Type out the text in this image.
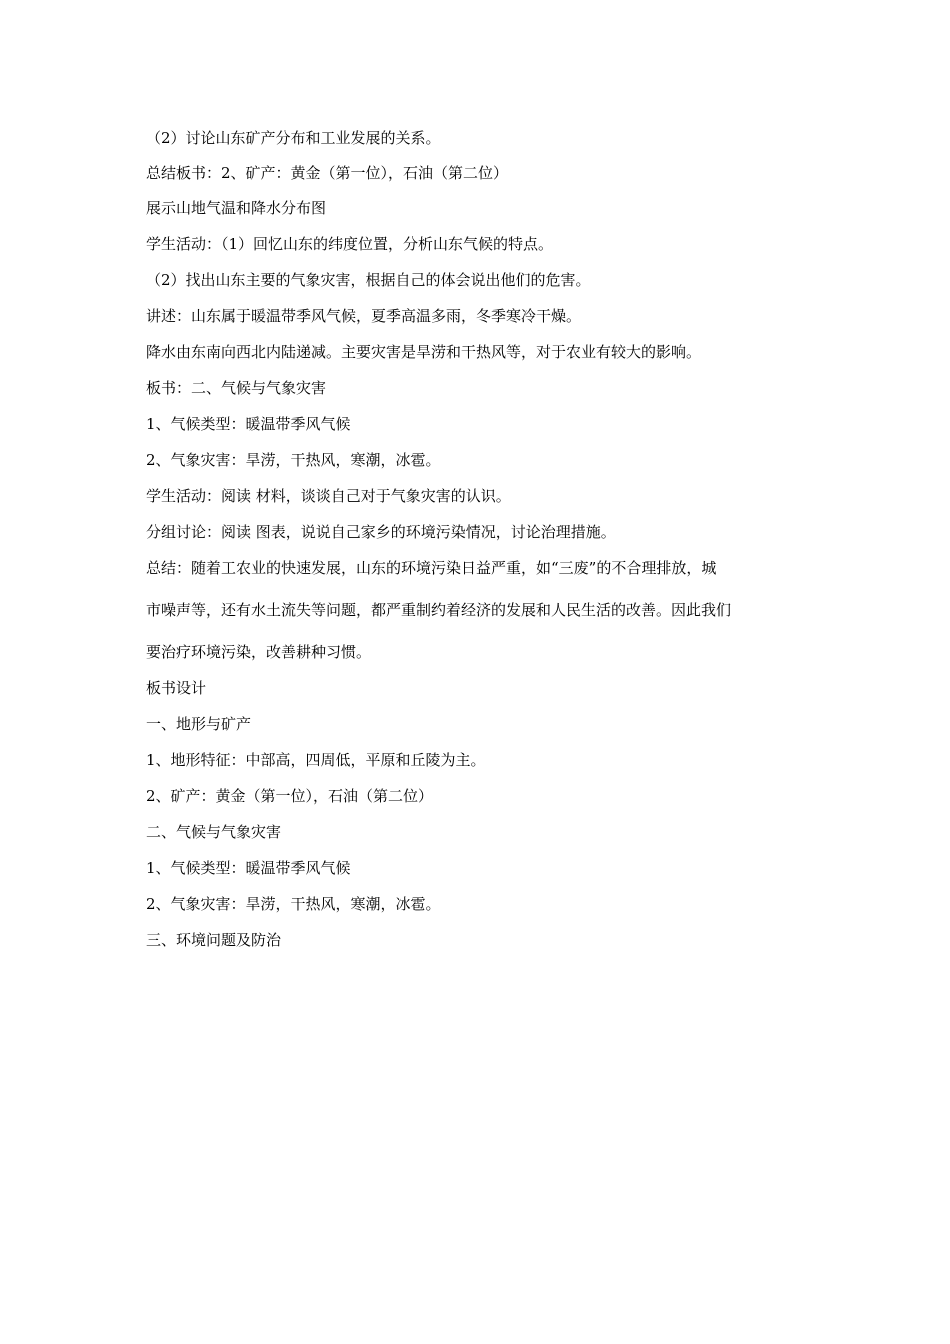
（2）讨论山东矿产分布和工业发展的关系。
总结板书：2、矿产：黄金（第一位），石油（第二位）
展示山地气温和降水分布图
学生活动：（1）回忆山东的纬度位置，分析山东气候的特点。
（2）找出山东主要的气象灾害，根据自己的体会说出他们的危害。
讲述：山东属于暖温带季风气候，夏季高温多雨，冬季寒冷干燥。
降水由东南向西北内陆递减。主要灾害是旱涝和干热风等，对于农业有较大的影响。
板书：二、气候与气象灾害
1、气候类型：暖温带季风气候
2、气象灾害：旱涝，干热风，寒潮，冰雹。
学生活动：阅读 材料，谈谈自己对于气象灾害的认识。
分组讨论：阅读 图表，说说自己家乡的环境污染情况，讨论治理措施。
总结：随着工农业的快速发展，山东的环境污染日益严重，如“三废”的不合理排放，城
市噪声等，还有水土流失等问题，都严重制约着经济的发展和人民生活的改善。因此我们
要治疗环境污染，改善耕种习惯。
板书设计
一、地形与矿产
1、地形特征：中部高，四周低，平原和丘陵为主。
2、矿产：黄金（第一位），石油（第二位）
二、气候与气象灾害
1、气候类型：暖温带季风气候
2、气象灾害：旱涝，干热风，寒潮，冰雹。
三、环境问题及防治
